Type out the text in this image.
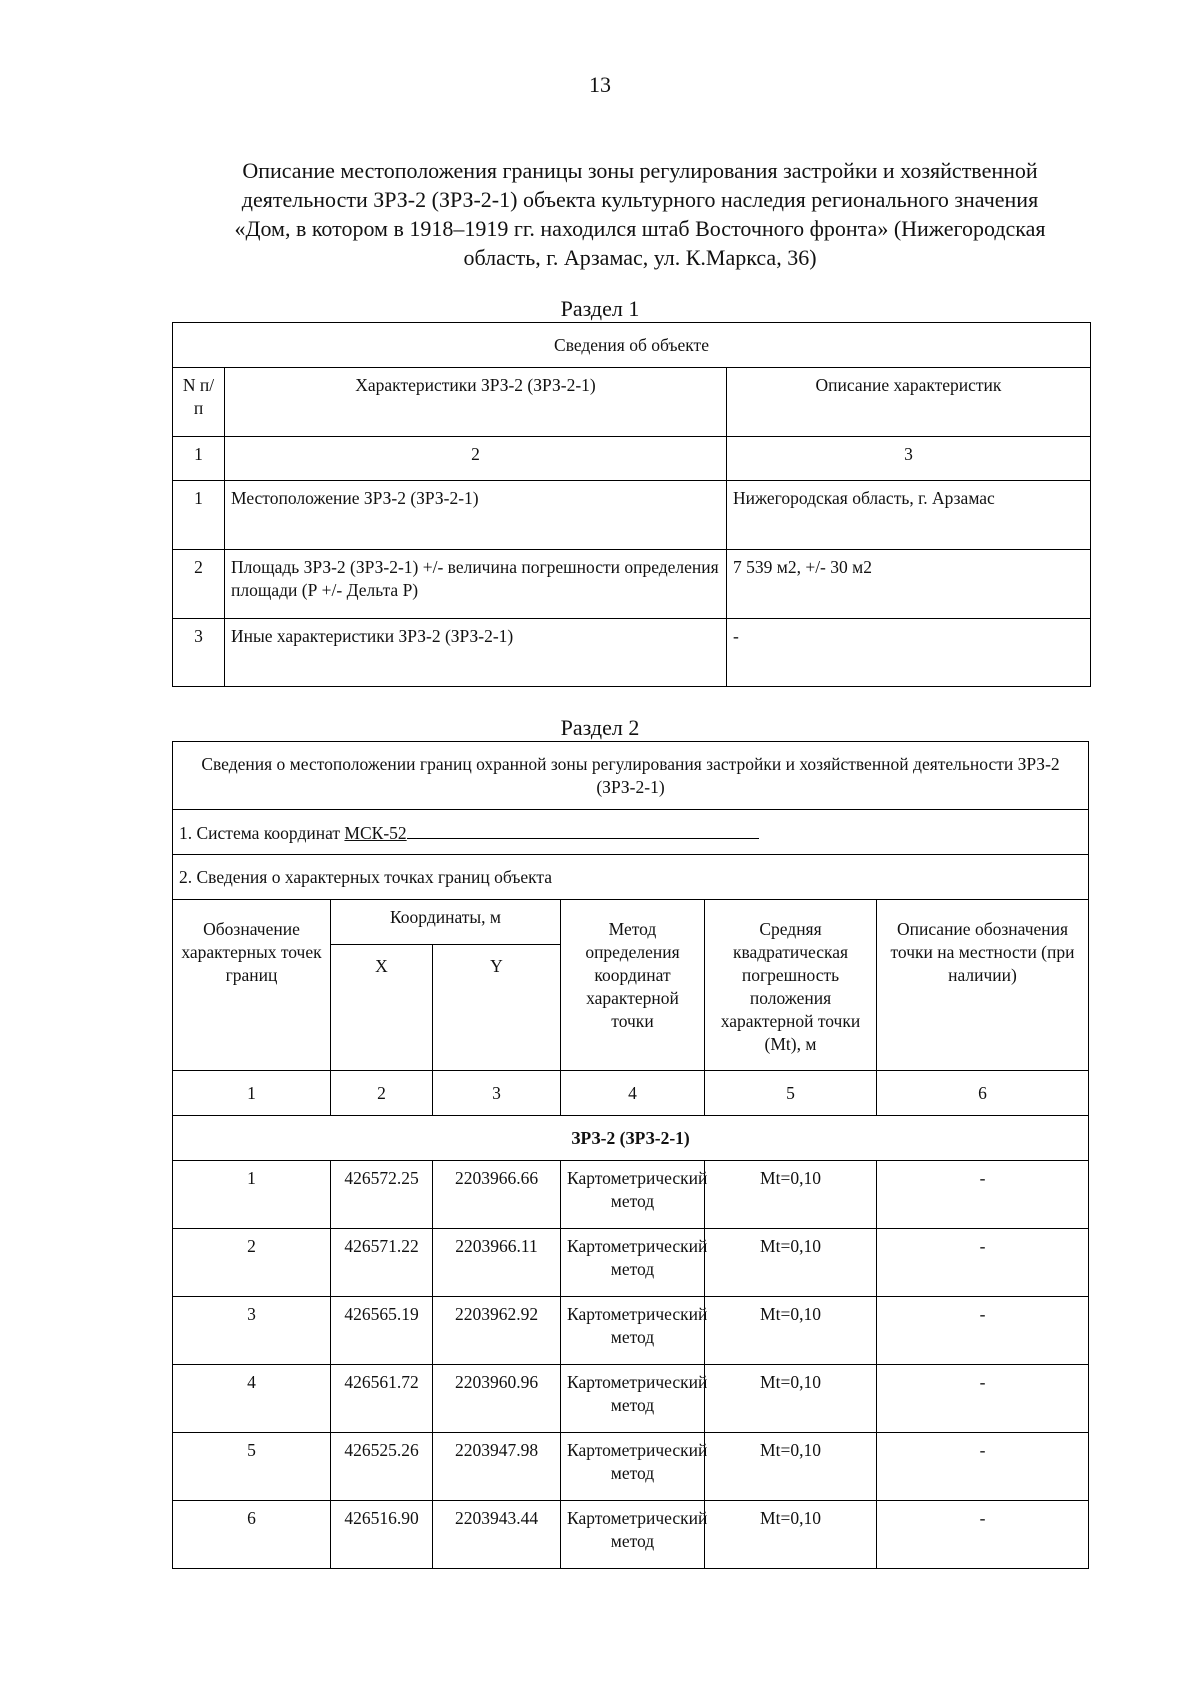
13
Описание местоположения границы зоны регулирования застройки и хозяйственной
деятельности ЗРЗ-2 (ЗРЗ-2-1) объекта культурного наследия регионального значения
«Дом, в котором в 1918–1919 гг. находился штаб Восточного фронта» (Нижегородская
область, г. Арзамас, ул. К.Маркса, 36)
Раздел 1
Сведения об объекте		
N п/п	Характеристики ЗРЗ-2 (ЗРЗ-2-1)	Описание характеристик
1	2	3
1	Местоположение ЗРЗ-2 (ЗРЗ-2-1)	Нижегородская область, г. Арзамас
2	Площадь ЗРЗ-2 (ЗРЗ-2-1) +/- величина погрешности определения площади (Р +/- Дельта Р)	7 539 м2, +/- 30 м2
3	Иные характеристики ЗРЗ-2 (ЗРЗ-2-1)	-
Раздел 2
Сведения о местоположении границ охранной зоны регулирования застройки и хозяйственной деятельности ЗРЗ-2 (ЗРЗ-2-1)					
1. Система координат МСК-52					
2. Сведения о характерных точках границ объекта					
Обозначение характерных точек границ	Координаты, м		Метод определения координат характерной точки	Средняя квадратическая погрешность положения характерной точки (Mt), м	Описание обозначения точки на местности (при наличии)
	X	Y			
1	2	3	4	5	6
ЗРЗ-2 (ЗРЗ-2-1)					
1	426572.25	2203966.66	Картометрический метод	Mt=0,10	-
2	426571.22	2203966.11	Картометрический метод	Mt=0,10	-
3	426565.19	2203962.92	Картометрический метод	Mt=0,10	-
4	426561.72	2203960.96	Картометрический метод	Mt=0,10	-
5	426525.26	2203947.98	Картометрический метод	Mt=0,10	-
6	426516.90	2203943.44	Картометрический метод	Mt=0,10	-
